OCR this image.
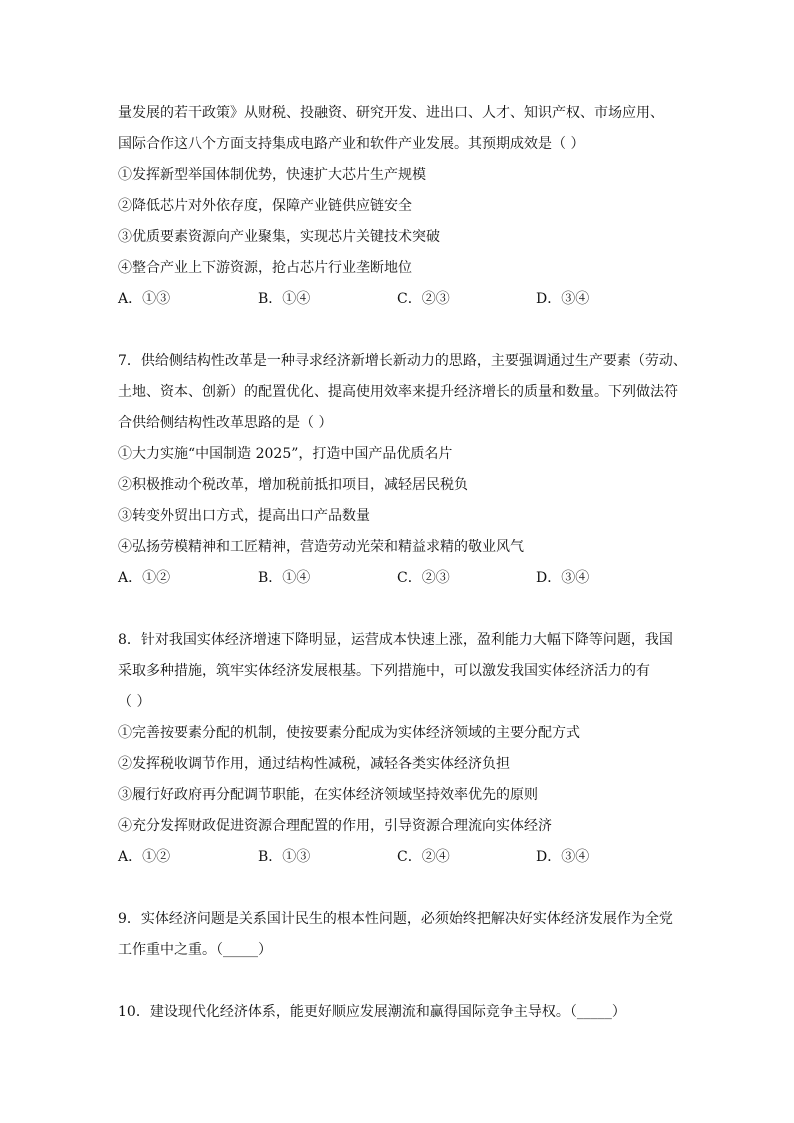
量发展的若干政策》从财税、投融资、研究开发、进出口、人才、知识产权、市场应用、
国际合作这八个方面支持集成电路产业和软件产业发展。其预期成效是（ ）
①发挥新型举国体制优势，快速扩大芯片生产规模
②降低芯片对外依存度，保障产业链供应链安全
③优质要素资源向产业聚集，实现芯片关键技术突破
④整合产业上下游资源，抢占芯片行业垄断地位
A．①③	B．①④	C．②③	D．③④
7．供给侧结构性改革是一种寻求经济新增长新动力的思路，主要强调通过生产要素（劳动、
土地、资本、创新）的配置优化、提高使用效率来提升经济增长的质量和数量。下列做法符
合供给侧结构性改革思路的是（ ）
①大力实施“中国制造 2025”，打造中国产品优质名片
②积极推动个税改革，增加税前抵扣项目，减轻居民税负
③转变外贸出口方式，提高出口产品数量
④弘扬劳模精神和工匠精神，营造劳动光荣和精益求精的敬业风气
A．①②	B．①④	C．②③	D．③④
8．针对我国实体经济增速下降明显，运营成本快速上涨，盈利能力大幅下降等问题，我国
采取多种措施，筑牢实体经济发展根基。下列措施中，可以激发我国实体经济活力的有
（ ）
①完善按要素分配的机制，使按要素分配成为实体经济领域的主要分配方式
②发挥税收调节作用，通过结构性减税，减轻各类实体经济负担
③履行好政府再分配调节职能，在实体经济领域坚持效率优先的原则
④充分发挥财政促进资源合理配置的作用，引导资源合理流向实体经济
A．①②	B．①③	C．②④	D．③④
9．实体经济问题是关系国计民生的根本性问题，必须始终把解决好实体经济发展作为全党
工作重中之重。（_____）
10．建设现代化经济体系，能更好顺应发展潮流和赢得国际竞争主导权。（_____）
